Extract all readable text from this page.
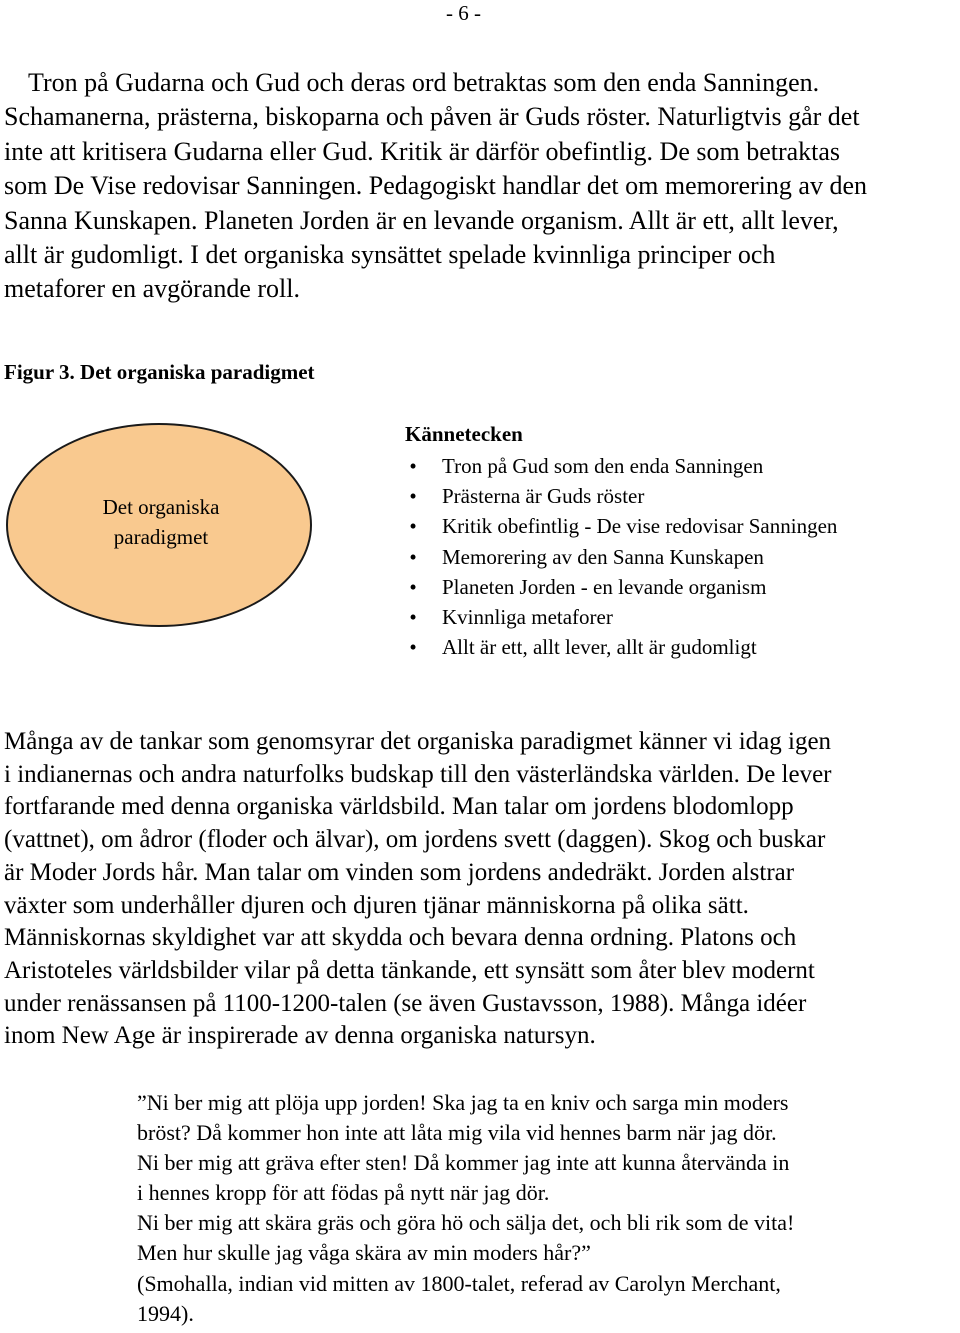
- 6 -

Tron på Gudarna och Gud och deras ord betraktas som den enda Sanningen.
Schamanerna, prästerna, biskoparna och påven är Guds röster. Naturligtvis går det
inte att kritisera Gudarna eller Gud. Kritik är därför obefintlig. De som betraktas
som De Vise redovisar Sanningen. Pedagogiskt handlar det om memorering av den
Sanna Kunskapen. Planeten Jorden är en levande organism. Allt är ett, allt lever,
allt är gudomligt. I det organiska synsättet spelade kvinnliga principer och
metaforer en avgörande roll.

Figur 3. Det organiska paradigmet

Det organiska
paradigmet

Kännetecken

• Tron på Gud som den enda Sanningen
• Prästerna är Guds röster
• Kritik obefintlig - De vise redovisar Sanningen
• Memorering av den Sanna Kunskapen
• Planeten Jorden - en levande organism
• Kvinnliga metaforer
• Allt är ett, allt lever, allt är gudomligt

Många av de tankar som genomsyrar det organiska paradigmet känner vi idag igen
i indianernas och andra naturfolks budskap till den västerländska världen. De lever
fortfarande med denna organiska världsbild. Man talar om jordens blodomlopp
(vattnet), om ådror (floder och älvar), om jordens svett (daggen). Skog och buskar
är Moder Jords hår. Man talar om vinden som jordens andedräkt. Jorden alstrar
växter som underhåller djuren och djuren tjänar människorna på olika sätt.
Människornas skyldighet var att skydda och bevara denna ordning. Platons och
Aristoteles världsbilder vilar på detta tänkande, ett synsätt som åter blev modernt
under renässansen på 1100-1200-talen (se även Gustavsson, 1988). Många idéer
inom New Age är inspirerade av denna organiska natursyn.

”Ni ber mig att plöja upp jorden! Ska jag ta en kniv och sarga min moders
bröst? Då kommer hon inte att låta mig vila vid hennes barm när jag dör.
Ni ber mig att gräva efter sten! Då kommer jag inte att kunna återvända in
i hennes kropp för att födas på nytt när jag dör.
Ni ber mig att skära gräs och göra hö och sälja det, och bli rik som de vita!
Men hur skulle jag våga skära av min moders hår?”
(Smohalla, indian vid mitten av 1800-talet, referad av Carolyn Merchant,
1994).
